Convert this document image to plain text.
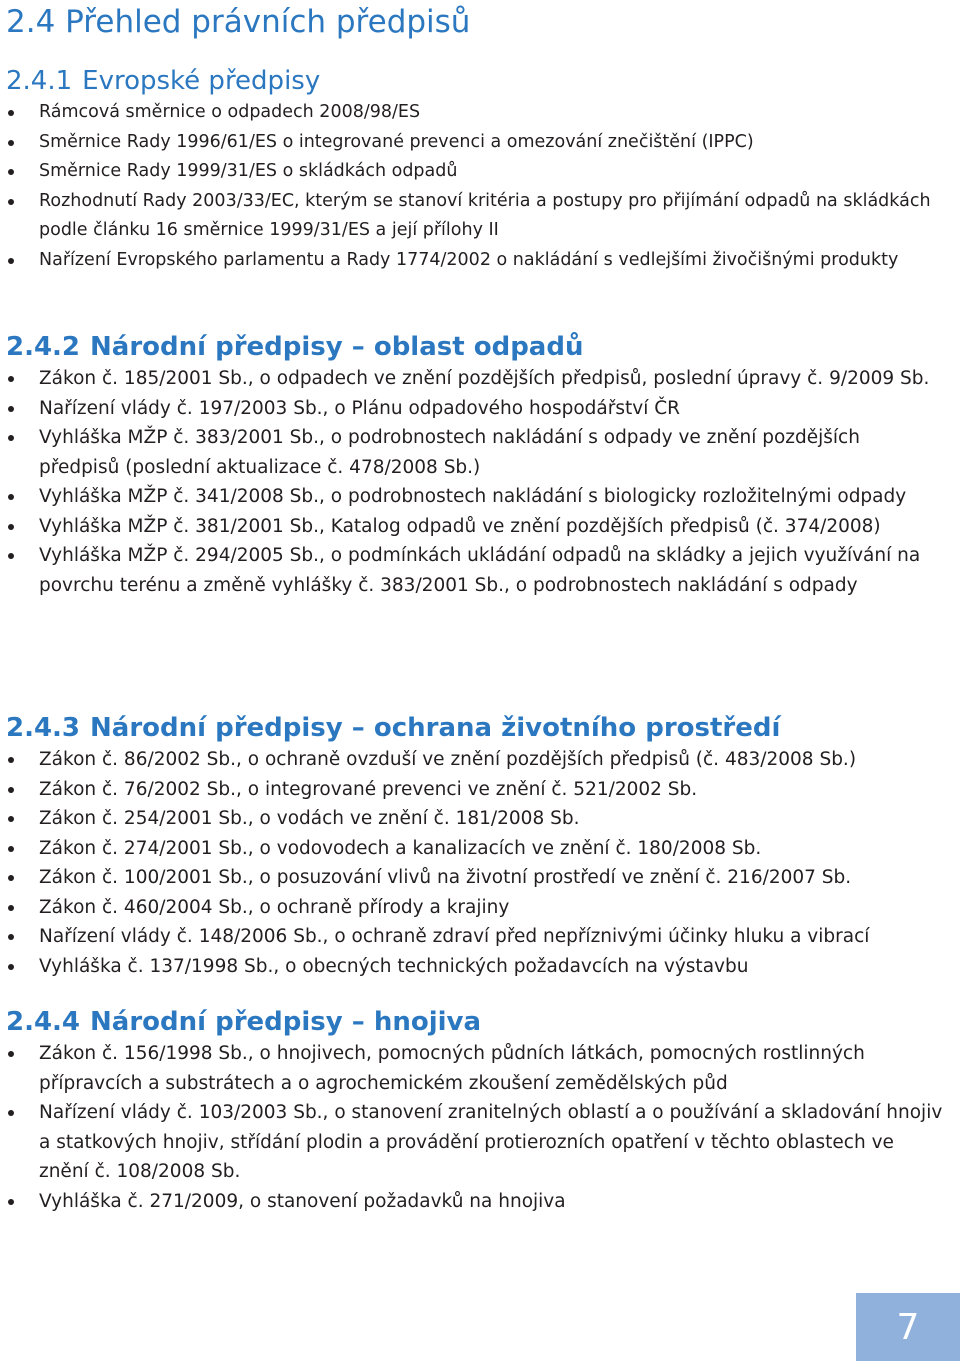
2.4 Přehled právních předpisů
2.4.1 Evropské předpisy
Rámcová směrnice o odpadech 2008/98/ES
Směrnice Rady 1996/61/ES o integrované prevenci a omezování znečištění (IPPC)
Směrnice Rady 1999/31/ES o skládkách odpadů
Rozhodnutí Rady 2003/33/EC, kterým se stanoví kritéria a postupy pro přijímání odpadů na skládkách podle článku 16 směrnice 1999/31/ES a její přílohy II
Nařízení Evropského parlamentu a Rady 1774/2002 o nakládání s vedlejšími živočišnými produkty
2.4.2 Národní předpisy – oblast odpadů
Zákon č. 185/2001 Sb., o odpadech ve znění pozdějších předpisů, poslední úpravy č. 9/2009 Sb.
Nařízení vlády č. 197/2003 Sb., o Plánu odpadového hospodářství ČR
Vyhláška MŽP č. 383/2001 Sb., o podrobnostech nakládání s odpady ve znění pozdějších předpisů (poslední aktualizace č. 478/2008 Sb.)
Vyhláška MŽP č. 341/2008 Sb., o podrobnostech nakládání s biologicky rozložitelnými odpady
Vyhláška MŽP č. 381/2001 Sb., Katalog odpadů ve znění pozdějších předpisů (č. 374/2008)
Vyhláška MŽP č. 294/2005 Sb., o podmínkách ukládání odpadů na skládky a jejich využívání na povrchu terénu a změně vyhlášky č. 383/2001 Sb., o podrobnostech nakládání s odpady
2.4.3 Národní předpisy – ochrana životního prostředí
Zákon č. 86/2002 Sb., o ochraně ovzduší ve znění pozdějších předpisů (č. 483/2008 Sb.)
Zákon č. 76/2002 Sb., o integrované prevenci ve znění č. 521/2002 Sb.
Zákon č. 254/2001 Sb., o vodách ve znění č. 181/2008 Sb.
Zákon č. 274/2001 Sb., o vodovodech a kanalizacích ve znění č. 180/2008 Sb.
Zákon č. 100/2001 Sb., o posuzování vlivů na životní prostředí ve znění č. 216/2007 Sb.
Zákon č. 460/2004 Sb., o ochraně přírody a krajiny
Nařízení vlády č. 148/2006 Sb., o ochraně zdraví před nepříznivými účinky hluku a vibrací
Vyhláška č. 137/1998 Sb., o obecných technických požadavcích na výstavbu
2.4.4 Národní předpisy – hnojiva
Zákon č. 156/1998 Sb., o hnojivech, pomocných půdních látkách, pomocných rostlinných přípravcích a substrátech a o agrochemickém zkoušení zemědělských půd
Nařízení vlády č. 103/2003 Sb., o stanovení zranitelných oblastí a o používání a skladování hnojiv a statkových hnojiv, střídání plodin a provádění protierozních opatření v těchto oblastech ve znění č. 108/2008 Sb.
Vyhláška č. 271/2009, o stanovení požadavků na hnojiva
7
